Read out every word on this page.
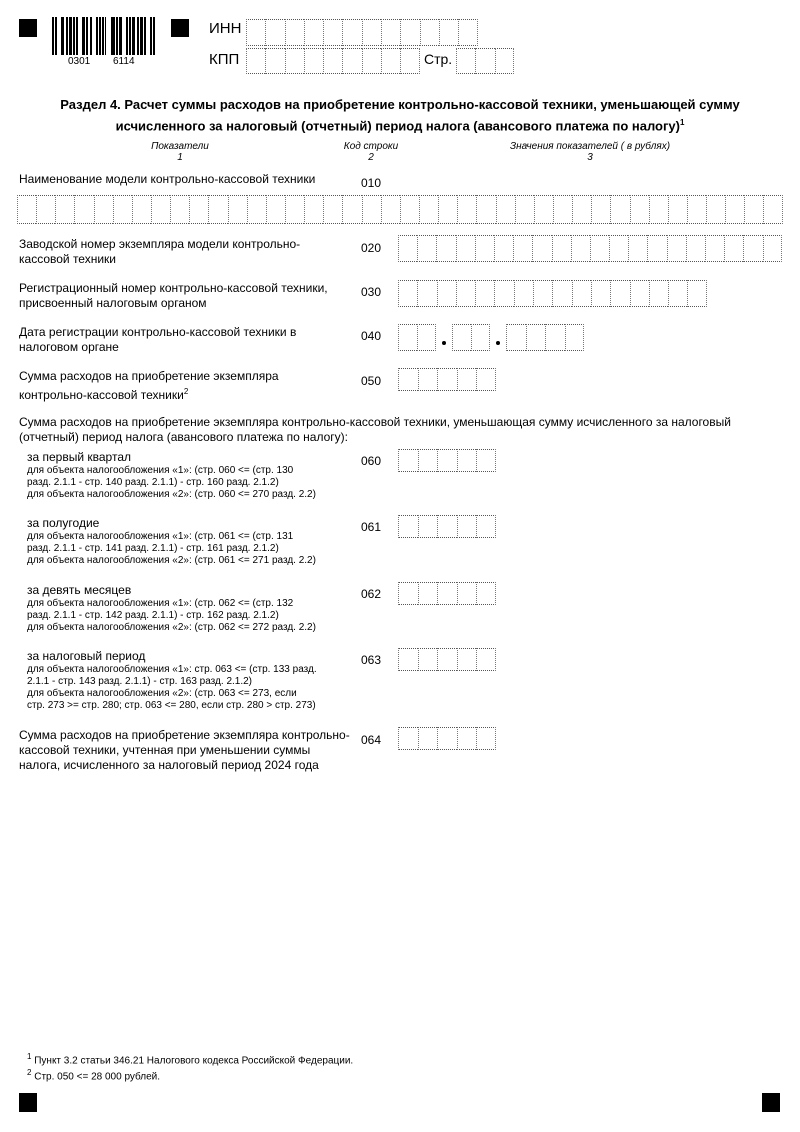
0301 6114
ИНН
КПП	Стр.
Раздел 4. Расчет суммы расходов на приобретение контрольно-кассовой техники, уменьшающей сумму
исчисленного за налоговый (отчетный) период налога (авансового платежа по налогу)$^1$
Показатели
1
Код строки
2
Значения показателей ( в рублях)
3
Наименование модели контрольно-кассовой техники	010
Заводской номер экземпляра модели контрольно-кассовой техники
020
Регистрационный номер контрольно-кассовой техники, присвоенный налоговым органом
030
Дата регистрации контрольно-кассовой техники в налоговом органе
040
Сумма расходов на приобретение экземпляра контрольно-кассовой техники$^2$
050
Сумма расходов на приобретение экземпляра контрольно-кассовой техники, уменьшающая сумму исчисленного за налоговый (отчетный) период налога (авансового платежа по налогу):
за первый квартал
для объекта налогообложения «1»: (стр. 060 <= (стр. 130
разд. 2.1.1 - стр. 140 разд. 2.1.1) - стр. 160 разд. 2.1.2)
для объекта налогообложения «2»: (стр. 060 <= 270 разд. 2.2)
060
за полугодие
для объекта налогообложения «1»: (стр. 061 <= (стр. 131
разд. 2.1.1 - стр. 141 разд. 2.1.1) - стр. 161 разд. 2.1.2)
для объекта налогообложения «2»: (стр. 061 <= 271 разд. 2.2)
061
за девять месяцев
для объекта налогообложения «1»: (стр. 062 <= (стр. 132
разд. 2.1.1 - стр. 142 разд. 2.1.1) - стр. 162 разд. 2.1.2)
для объекта налогообложения «2»: (стр. 062 <= 272 разд. 2.2)
062
за налоговый период
для объекта налогообложения «1»: стр. 063 <= (стр. 133 разд.
2.1.1 - стр. 143 разд. 2.1.1) - стр. 163 разд. 2.1.2)
для объекта налогообложения «2»: (стр. 063 <= 273, если
стр. 273 >= стр. 280; стр. 063 <= 280, если стр. 280 > стр. 273)
063
Сумма расходов на приобретение экземпляра контрольно-кассовой техники, учтенная при уменьшении суммы налога, исчисленного за налоговый период 2024 года
064
$^1$ Пункт 3.2 статьи 346.21 Налогового кодекса Российской Федерации.
$^2$ Стр. 050 <= 28 000 рублей.
